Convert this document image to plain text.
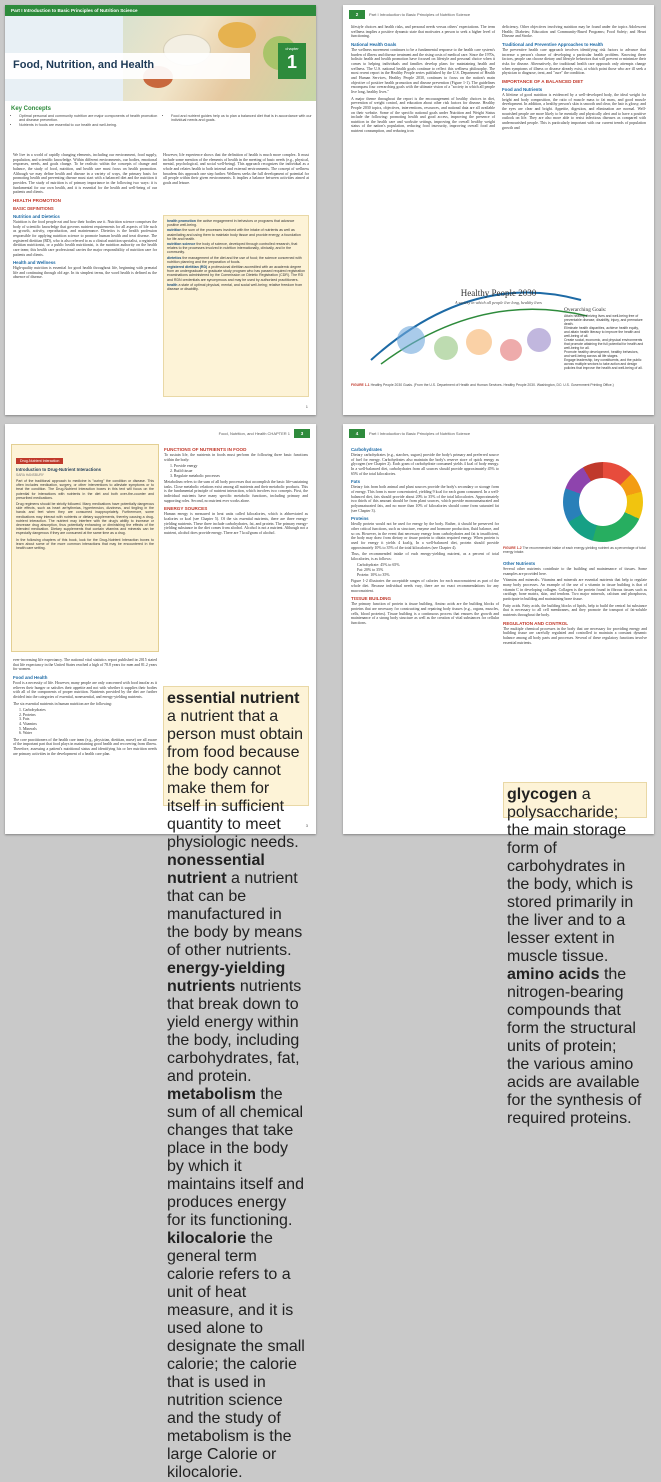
Part I Introduction to Basic Principles of Nutrition Science
Food, Nutrition, and Health
chapter
1
Key Concepts
• Optimal personal and community nutrition are major components of health promotion and disease prevention.
• Nutrients in foods are essential to our health and well-being.
• Food and nutrient guides help us to plan a balanced diet that is in accordance with our individual needs and goals.

We live in a world of rapidly changing elements, including our environment, food supply, population, and scientific knowledge. Within different environments, our bodies, emotional responses, needs, and goals change. To be realistic within the concepts of change and balance, the study of food, nutrition, and health care must focus on health promotion. Although we may define health and disease in a variety of ways, the primary basis for promoting health and preventing disease must start with a balanced diet and the nutrition it provides. The study of nutrition is of primary importance in the following two ways: it is fundamental for our own health, and it is essential for the health and well-being of our patients and clients.

HEALTH PROMOTION
BASIC DEFINITIONS
Nutrition and Dietetics

Nutrition is the food people eat and how their bodies use it. Nutrition science comprises the body of scientific knowledge that governs nutrient requirements for all aspects of life such as growth, activity, reproduction, and maintenance. Dietetics is the health profession responsible for applying nutrition science to promote human health and treat disease. The registered dietitian (RD), who is also referred to as a clinical nutrition specialist, a registered dietitian nutritionist, or a public health nutritionist, is the nutrition authority on the health care team; this health care professional carries the major responsibility of nutrition care for patients and clients.

Health and Wellness

High-quality nutrition is essential for good health throughout life, beginning with prenatal life and continuing through old age. In its simplest terms, the word health is defined as the absence of disease.

However, life experience shows that the definition of health is much more complex. It must include some mention of the elements of health in the meeting of basic needs (e.g., physical, mental, psychological, and social well-being). This approach recognizes the individual as a whole and relates health to both internal and external environments. The concept of wellness broadens this approach one step further. Wellness seeks the full development of potential for all people within their given environments. It implies a balance between activities aimed at goals and leisure.

health promotion the active engagement in behaviors or programs that advance positive well-being.
nutrition the sum of the processes involved with the intake of nutrients as well as assimilating and using them to maintain body tissue and provide energy; a foundation for life and health.
nutrition science the body of science, developed through controlled research, that relates to the processes involved in nutrition internationally, clinically, and in the community.
dietetics the management of the diet and the use of food; the science concerned with nutrition planning and the preparation of foods.
registered dietitian (RD) a professional dietitian accredited with an academic degree from an undergraduate or graduate study program who has passed required registration examinations administered by the Commission on Dietetic Registration (CDR). The RD and RDN credentials are synonymous and may be used by authorized practitioners.
health a state of optimal physical, mental, and social well-being; relative freedom from disease or disability.
1
2	Part I Introduction to Basic Principles of Nutrition Science

lifestyle choices and health risks, and personal needs versus others' expectations. The term wellness implies a positive dynamic state that motivates a person to seek a higher level of functioning.

National Health Goals

The wellness movement continues to be a fundamental response to the health care system's burden of illness and disease treatment and the rising costs of medical care. Since the 1970s, holistic health and health promotion have focused on lifestyle and personal choice when it comes to helping individuals and families develop plans for maintaining health and wellness. The U.S. national health goals continue to reflect this wellness philosophy. The most recent report in the Healthy People series published by the U.S. Department of Health and Human Services, Healthy People 2030, continues to focus on the nation's main objective of positive health promotion and disease prevention (Figure 1-1). The guidelines encompass four overarching goals with the ultimate vision of a "society in which all people live long, healthy lives."

A major theme throughout the report is the encouragement of healthy choices in diet, prevention of weight control, and education about other risk factors for disease. Healthy People 2030 topics, objectives, interventions, resources, and national data are all available on their website. Some of the specific national goals under Nutrition and Weight Status include the following: promoting health and good access, improving the presence of nutrition in the health care and worksite settings, improving the overall healthy weight status of the nation's population, reducing food insecurity, improving overall food and nutrient consumption, and reducing iron

deficiency. Other objectives involving nutrition may be found under the topics Adolescent Health; Diabetes; Education and Community-Based Programs; Food Safety; and Heart Disease and Stroke.

Traditional and Preventive Approaches to Health

The preventive health care approach involves identifying risk factors to advance that increase a person's chance of developing a particular health problem. Knowing these factors, people can choose dietary and lifestyle behaviors that will prevent or minimize their risks for disease. Alternatively, the traditional health care approach only attempts change when symptoms of illness or disease already exist, at which point those who are ill seek a physician to diagnose, treat, and "cure" the condition.

IMPORTANCE OF A BALANCED DIET
Food and Nutrients

A lifetime of good nutrition is evidenced by a well-developed body, the ideal weight for height and body composition, the ratio of muscle mass to fat mass, and good muscle development. In addition, a healthy person's skin is smooth and clear, the hair is glossy, and the eyes are clear and bright. Appetite, digestion, and elimination are normal. Well-nourished people are more likely to be mentally and physically alert and to have a positive outlook on life. They are also more able to resist infectious diseases as compared with undernourished people. This is particularly important with our current trends of population growth and

Healthy People 2030
A society in which all people live long, healthy lives
Overarching Goals:
Attain healthy, thriving lives and well-being free of preventable disease, disability, injury, and premature death.
Eliminate health disparities, achieve health equity, and attain health literacy to improve the health and well-being of all.
Create social, economic, and physical environments that promote attaining the full potential for health and well-being for all.
Promote healthy development, healthy behaviors, and well-being across all life stages.
Engage leadership, key constituents, and the public across multiple sectors to take action and design policies that improve the health and well-being of all.
FIGURE 1-1 Healthy People 2030 Goals. (From the U.S. Department of Health and Human Services. Healthy People 2030. Washington, DC: U.S. Government Printing Office.)
Food, Nutrition, and Health CHAPTER 1	3
Drug-Nutrient Interaction
Introduction to Drug-Nutrient Interactions
SARA HANSBURY

Part of the traditional approach to medicine is "curing" the condition or disease. This often includes medication, surgery, or other interventions to alleviate symptoms or to treat the condition. The Drug-Nutrient Interaction boxes in this text will focus on the potential for interactions with nutrients in the diet and both over-the-counter and prescribed medications.

Drug regimens should be strictly followed. Many medications have potentially dangerous side effects, such as heart arrhythmias, hypertension, dizziness, and tingling in the hands and feet when they are consumed inappropriately. Furthermore, some medications may interact with nutrients or dietary supplements, thereby causing a drug-nutrient interaction. The nutrient may interfere with the drug's ability to increase or decrease drug absorption, thus potentially enhancing or diminishing the effects of the intended medication. Dietary supplements that contain vitamins and minerals can be especially dangerous if they are consumed at the same time as a drug.

In the following chapters of this book, look for the Drug-Nutrient Interaction boxes to learn about some of the more common interactions that may be encountered in the health care setting.

ever-increasing life expectancy. The national vital statistics report published in 2015 stated that life expectancy in the United States reached a high of 78.8 years for men and 81.2 years for women.

Food and Health

Food is a necessity of life. However, many people are only concerned with food insofar as it relieves their hunger or satisfies their appetite and not with whether it supplies their bodies with all of the components of proper nutrition. Nutrients provided by the diet are further divided into the categories of essential, nonessential, and energy-yielding nutrients.

The six essential nutrients in human nutrition are the following:

1. Carbohydrates
2. Proteins
3. Fats
4. Vitamins
5. Minerals
6. Water

The core practitioners of the health care team (e.g., physician, dietitian, nurse) are all aware of the important part that food plays in maintaining good health and recovering from illness. Therefore, assessing a patient's nutritional status and identifying his or her nutrition needs are primary activities in the development of a health care plan.

FUNCTIONS OF NUTRIENTS IN FOOD

To sustain life, the nutrients in foods must perform the following three basic functions within the body:

1. Provide energy
2. Build tissue
3. Regulate metabolic processes

Metabolism refers to the sum of all body processes that accomplish the basic life-sustaining tasks. Close metabolic relations exist among all nutrients and their metabolic products. This is the fundamental principle of nutrient interaction, which involves two concepts. First, the individual nutrients have many specific metabolic functions, including primary and supporting roles. Second, no nutrient ever works alone.

ENERGY SOURCES

Human energy is measured in heat units called kilocalories, which is abbreviated as kcalories or kcal (see Chapter 5). Of the six essential nutrients, there are three energy-yielding nutrients. These three include carbohydrates, fat, and protein. The primary energy-yielding substance in the diet comes from alcohol. Alcohol is not a nutrient. Although not a nutrient, alcohol does provide energy. There are 7 kcal/gram of alcohol.

essential nutrient a nutrient that a person must obtain from food because the body cannot make them for itself in sufficient quantity to meet physiologic needs.
nonessential nutrient a nutrient that can be manufactured in the body by means of other nutrients.
energy-yielding nutrients nutrients that break down to yield energy within the body, including carbohydrates, fat, and protein.
metabolism the sum of all chemical changes that take place in the body by which it maintains itself and produces energy for its functioning.
kilocalorie the general term calorie refers to a unit of heat measure, and it is used alone to designate the small calorie; the calorie that is used in nutrition science and the study of metabolism is the large Calorie or kilocalorie.
3
4	Part I Introduction to Basic Principles of Nutrition Science
Carbohydrates

Dietary carbohydrates (e.g., starches, sugars) provide the body's primary and preferred source of fuel for energy. Carbohydrates also maintain the body's reserve store of quick energy as glycogen (see Chapter 2). Each gram of carbohydrate consumed yields 4 kcal of body energy. In a well-balanced diet, carbohydrates from all sources should provide approximately 45% to 65% of the total kilocalories.

Fats

Dietary fats from both animal and plant sources provide the body's secondary or storage form of energy. This form is more concentrated, yielding 9 kcal for each gram consumed. In a well-balanced diet, fats should provide about 20% to 35% of the total kilocalories. Approximately two thirds of this amount should be from plant sources, which provide monounsaturated and polyunsaturated fats, and no more than 10% of kilocalories should come from saturated fat (see Chapter 3).

Proteins

Ideally protein would not be used for energy by the body. Rather, it should be preserved for other critical functions, such as structure, enzyme and hormone production, fluid balance, and so on. However, in the event that necessary energy from carbohydrates and fat is insufficient, the body may draw from dietary or tissue protein to obtain required energy. When protein is used for energy it yields 4 kcal/g. In a well-balanced diet, protein should provide approximately 10% to 35% of the total kilocalories (see Chapter 4).

Thus, the recommended intake of each energy-yielding nutrient, as a percent of total kilocalories, is as follows:

Carbohydrate: 45% to 65%
Fat: 20% to 35%
Protein: 10% to 35%

Figure 1-2 illustrates the acceptable ranges of calories for each macronutrient as part of the whole diet. Because individual needs vary, there are no exact recommendations for any macronutrient.

TISSUE BUILDING

The primary function of protein is tissue building. Amino acids are the building blocks of proteins that are necessary for constructing and repairing body tissues (e.g., organs, muscles, cells, blood proteins). Tissue building is a continuous process that ensures the growth and maintenance of a strong body structure as well as the creation of vital substances for cellular functions.

FIGURE 1-2 The recommended intake of each energy-yielding nutrient as a percentage of total energy intake.
Other Nutrients

Several other nutrients contribute to the building and maintenance of tissues. Some examples are provided here.

Vitamins and minerals. Vitamins and minerals are essential nutrients that help to regulate many body processes. An example of the use of a vitamin in tissue building is that of vitamin C in developing collagen. Collagen is the protein found in fibrous tissues such as cartilage, bone matrix, skin, and tendons. Two major minerals, calcium and phosphorus, participate in building and maintaining bone tissue.

Fatty acids. Fatty acids, the building blocks of lipids, help to build the central fat substance that is necessary to all cell membranes, and they promote the transport of fat-soluble nutrients throughout the body.

REGULATION AND CONTROL

The multiple chemical processes in the body that are necessary for providing energy and building tissue are carefully regulated and controlled to maintain a constant dynamic balance among all body parts and processes. Several of these regulatory functions involve essential nutrients.

glycogen a polysaccharide; the main storage form of carbohydrates in the body, which is stored primarily in the liver and to a lesser extent in muscle tissue.
amino acids the nitrogen-bearing compounds that form the structural units of protein; the various amino acids are available for the synthesis of required proteins.
